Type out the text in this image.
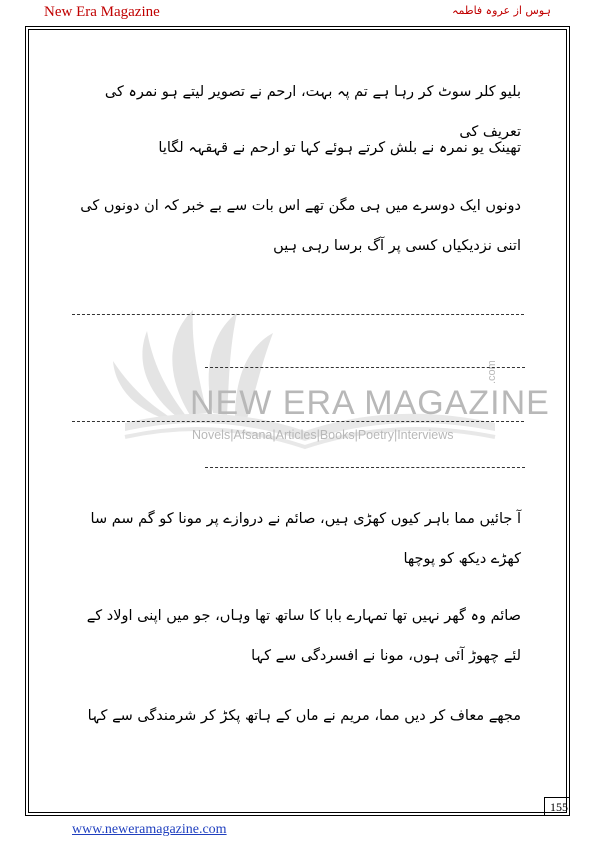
New Era Magazine	ہوس از عروہ فاطمہ
NEW ERA MAGAZINE
.com
Novels|Afsana|Articles|Books|Poetry|Interviews
بلیو کلر سوٹ کر رہا ہے تم پہ بہت، ارحم نے تصویر لیتے ہو نمرہ کی تعریف کی
تھینک یو نمرہ نے بلش کرتے ہوئے کہا تو ارحم نے قہقہہ لگایا
دونوں ایک دوسرے میں ہی مگن تھے اس بات سے بے خبر کہ ان دونوں کی اتنی نزدیکیاں کسی پر آگ برسا رہی ہیں
آ جائیں مما باہر کیوں کھڑی ہیں، صائم نے دروازے پر مونا کو گم سم سا کھڑے دیکھ کو پوچھا
صائم وہ گھر نہیں تھا تمہارے بابا کا ساتھ تھا وہاں، جو میں اپنی اولاد کے لئے چھوڑ آئی ہوں، مونا نے افسردگی سے کہا
مجھے معاف کر دیں مما، مریم نے ماں کے ہاتھ پکڑ کر شرمندگی سے کہا
155
www.neweramagazine.com
